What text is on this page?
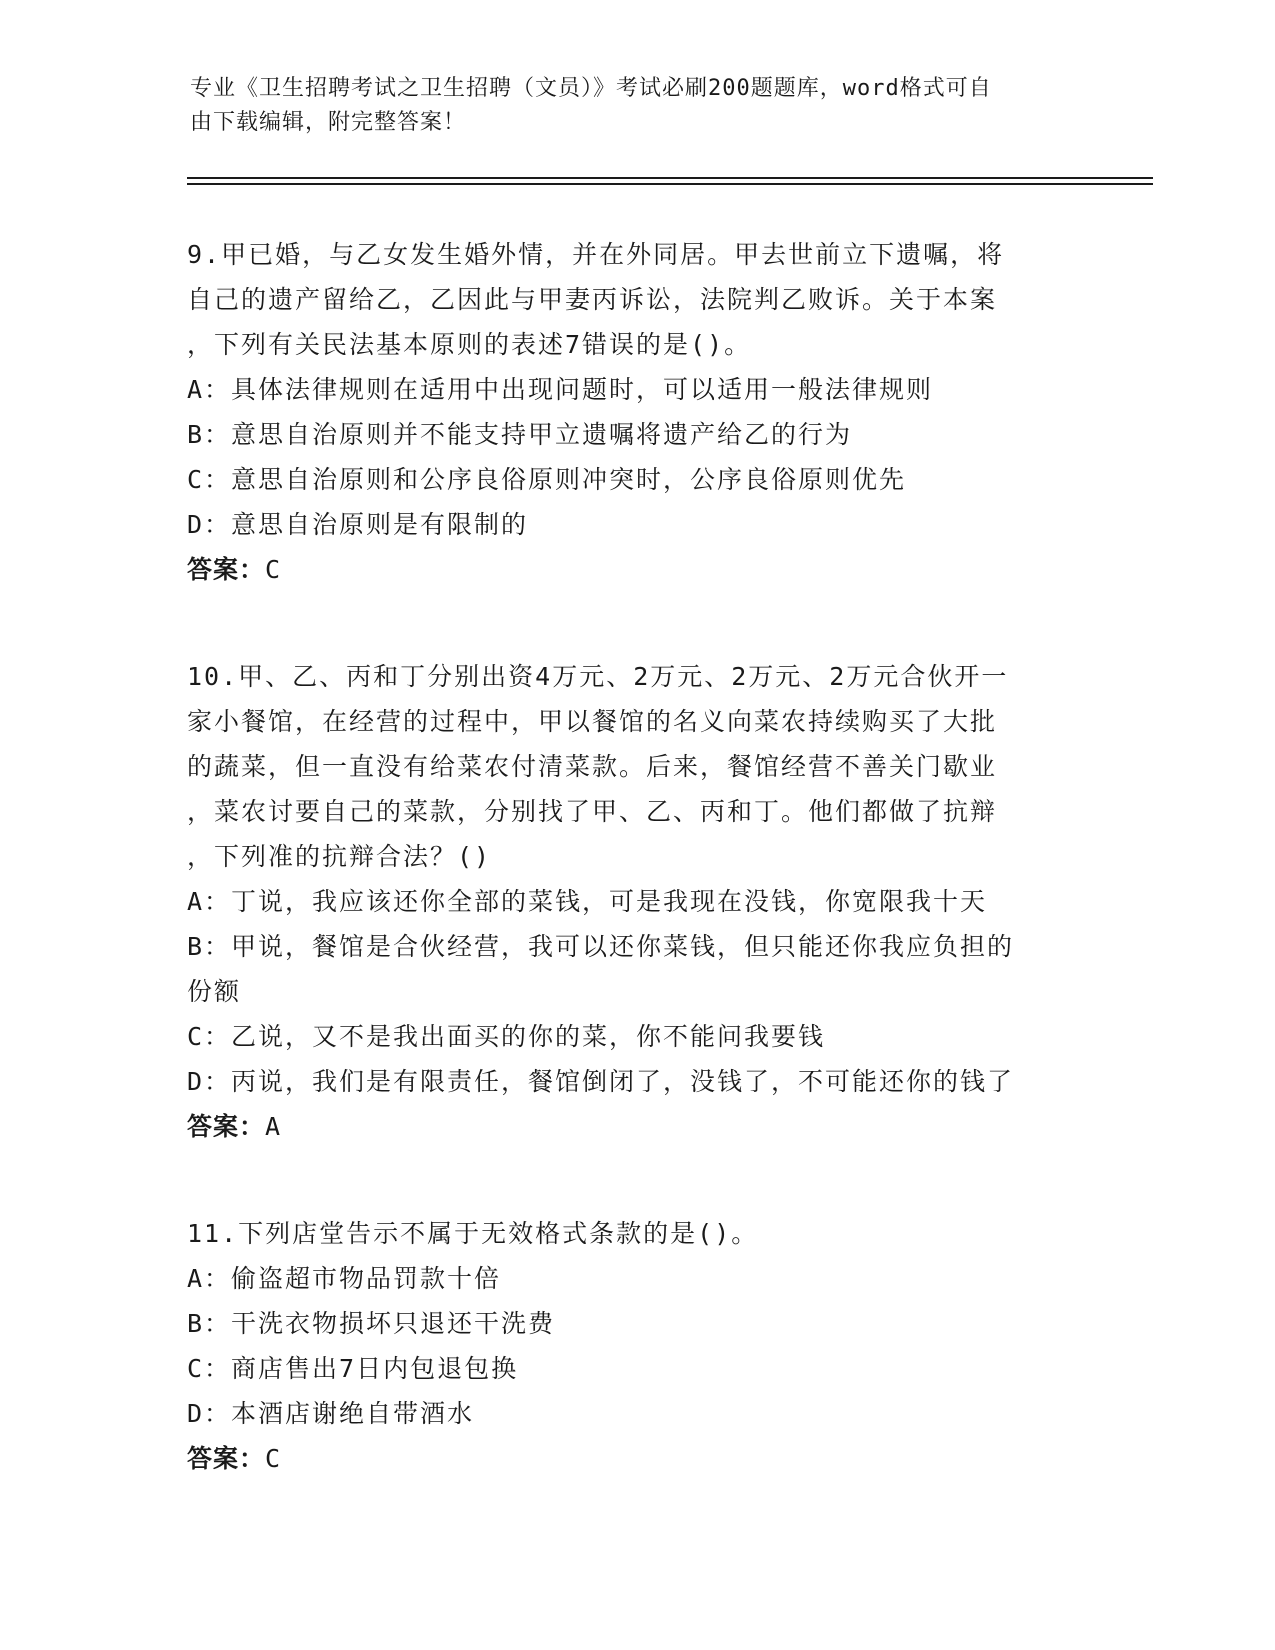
专业《卫生招聘考试之卫生招聘（文员）》考试必刷200题题库，word格式可自
由下载编辑，附完整答案！
9.甲已婚，与乙女发生婚外情，并在外同居。甲去世前立下遗嘱，将
自己的遗产留给乙，乙因此与甲妻丙诉讼，法院判乙败诉。关于本案
，下列有关民法基本原则的表述7错误的是()。
A：具体法律规则在适用中出现问题时，可以适用一般法律规则
B：意思自治原则并不能支持甲立遗嘱将遗产给乙的行为
C：意思自治原则和公序良俗原则冲突时，公序良俗原则优先
D：意思自治原则是有限制的
答案：C
10.甲、乙、丙和丁分别出资4万元、2万元、2万元、2万元合伙开一
家小餐馆，在经营的过程中，甲以餐馆的名义向菜农持续购买了大批
的蔬菜，但一直没有给菜农付清菜款。后来，餐馆经营不善关门歇业
，菜农讨要自己的菜款，分别找了甲、乙、丙和丁。他们都做了抗辩
，下列准的抗辩合法？()
A：丁说，我应该还你全部的菜钱，可是我现在没钱，你宽限我十天
B：甲说，餐馆是合伙经营，我可以还你菜钱，但只能还你我应负担的
份额
C：乙说，又不是我出面买的你的菜，你不能问我要钱
D：丙说，我们是有限责任，餐馆倒闭了，没钱了，不可能还你的钱了
答案：A
11.下列店堂告示不属于无效格式条款的是()。
A：偷盗超市物品罚款十倍
B：干洗衣物损坏只退还干洗费
C：商店售出7日内包退包换
D：本酒店谢绝自带酒水
答案：C
